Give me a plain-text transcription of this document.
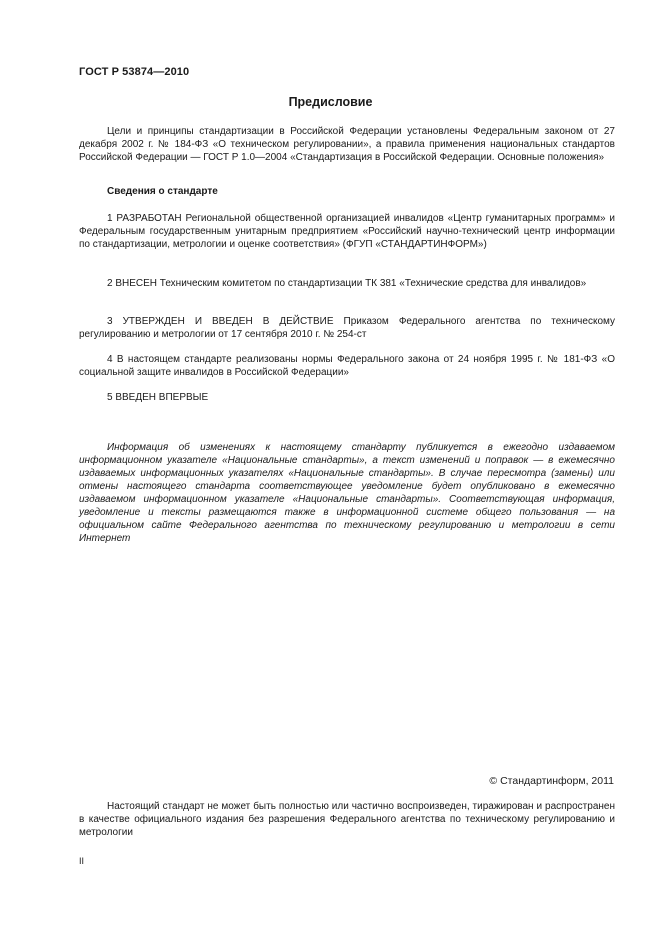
ГОСТ Р 53874—2010
Предисловие

Цели и принципы стандартизации в Российской Федерации установлены Федеральным законом от 27 декабря 2002 г. № 184-ФЗ «О техническом регулировании», а правила применения национальных стандартов Российской Федерации — ГОСТ Р 1.0—2004 «Стандартизация в Российской Федерации. Основные положения»

Сведения о стандарте

1 РАЗРАБОТАН Региональной общественной организацией инвалидов «Центр гуманитарных программ» и Федеральным государственным унитарным предприятием «Российский научно-технический центр информации по стандартизации, метрологии и оценке соответствия» (ФГУП «СТАНДАРТИНФОРМ»)

2 ВНЕСЕН Техническим комитетом по стандартизации ТК 381 «Технические средства для инвалидов»

3 УТВЕРЖДЕН И ВВЕДЕН В ДЕЙСТВИЕ Приказом Федерального агентства по техническому регулированию и метрологии от 17 сентября 2010 г. № 254-ст

4 В настоящем стандарте реализованы нормы Федерального закона от 24 ноября 1995 г. № 181-ФЗ «О социальной защите инвалидов в Российской Федерации»

5 ВВЕДЕН ВПЕРВЫЕ

Информация об изменениях к настоящему стандарту публикуется в ежегодно издаваемом информационном указателе «Национальные стандарты», а текст изменений и поправок — в ежемесячно издаваемых информационных указателях «Национальные стандарты». В случае пересмотра (замены) или отмены настоящего стандарта соответствующее уведомление будет опубликовано в ежемесячно издаваемом информационном указателе «Национальные стандарты». Соответствующая информация, уведомление и тексты размещаются также в информационной системе общего пользования — на официальном сайте Федерального агентства по техническому регулированию и метрологии в сети Интернет

© Стандартинформ, 2011

Настоящий стандарт не может быть полностью или частично воспроизведен, тиражирован и распространен в качестве официального издания без разрешения Федерального агентства по техническому регулированию и метрологии

II
